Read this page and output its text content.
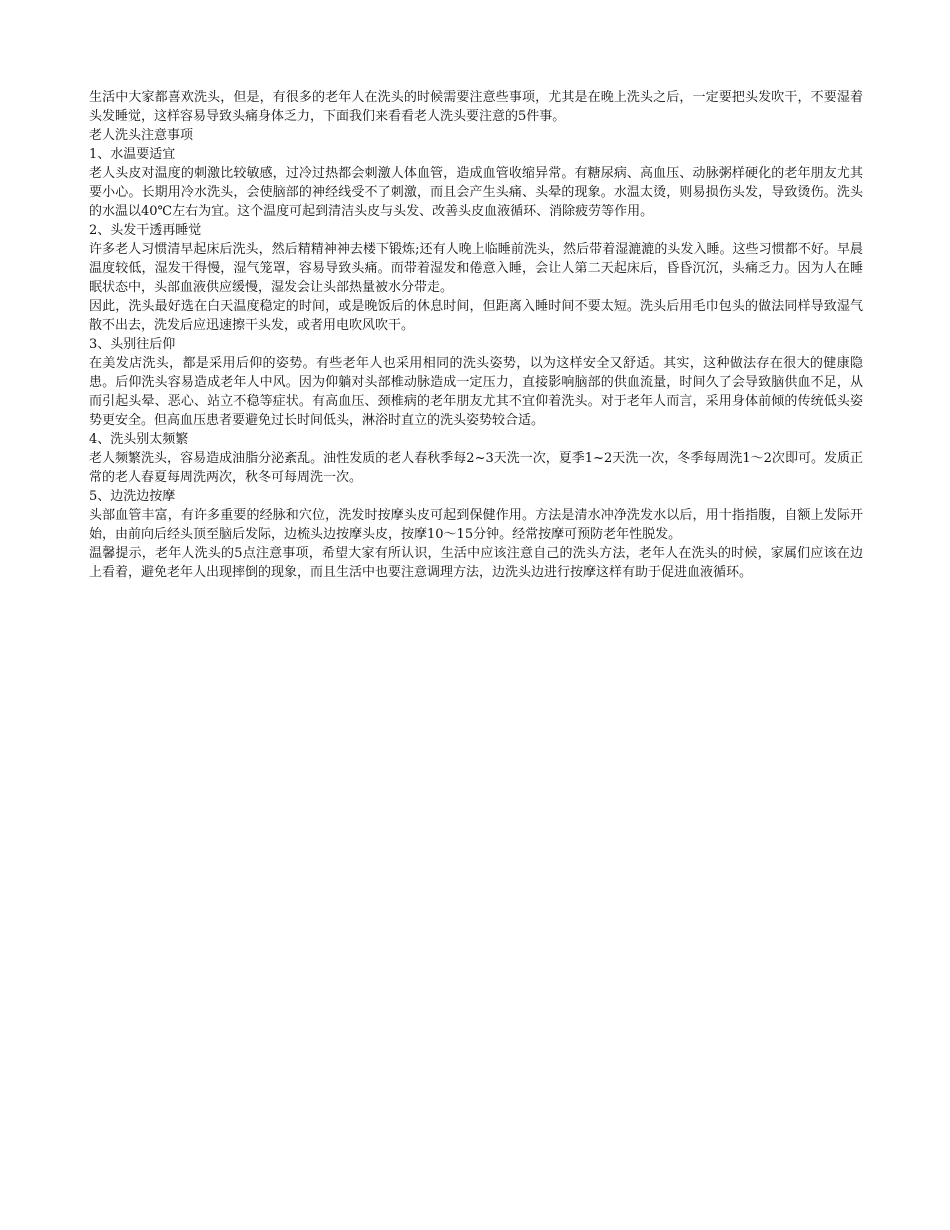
生活中大家都喜欢洗头，但是，有很多的老年人在洗头的时候需要注意些事项，尤其是在晚上洗头之后，一定要把头发吹干，不要湿着头发睡觉，这样容易导致头痛身体乏力，下面我们来看看老人洗头要注意的5件事。

老人洗头注意事项

1、水温要适宜

老人头皮对温度的刺激比较敏感，过冷过热都会刺激人体血管，造成血管收缩异常。有糖尿病、高血压、动脉粥样硬化的老年朋友尤其要小心。长期用冷水洗头，会使脑部的神经线受不了刺激，而且会产生头痛、头晕的现象。水温太烫，则易损伤头发，导致烫伤。洗头的水温以40℃左右为宜。这个温度可起到清洁头皮与头发、改善头皮血液循环、消除疲劳等作用。

2、头发干透再睡觉

许多老人习惯清早起床后洗头，然后精精神神去楼下锻炼;还有人晚上临睡前洗头，然后带着湿漉漉的头发入睡。这些习惯都不好。早晨温度较低，湿发干得慢，湿气笼罩，容易导致头痛。而带着湿发和倦意入睡，会让人第二天起床后，昏昏沉沉，头痛乏力。因为人在睡眠状态中，头部血液供应缓慢，湿发会让头部热量被水分带走。

因此，洗头最好选在白天温度稳定的时间，或是晚饭后的休息时间，但距离入睡时间不要太短。洗头后用毛巾包头的做法同样导致湿气散不出去，洗发后应迅速擦干头发，或者用电吹风吹干。

3、头别往后仰

在美发店洗头，都是采用后仰的姿势。有些老年人也采用相同的洗头姿势，以为这样安全又舒适。其实，这种做法存在很大的健康隐患。后仰洗头容易造成老年人中风。因为仰躺对头部椎动脉造成一定压力，直接影响脑部的供血流量，时间久了会导致脑供血不足，从而引起头晕、恶心、站立不稳等症状。有高血压、颈椎病的老年朋友尤其不宜仰着洗头。对于老年人而言，采用身体前倾的传统低头姿势更安全。但高血压患者要避免过长时间低头，淋浴时直立的洗头姿势较合适。

4、洗头别太频繁

老人频繁洗头，容易造成油脂分泌紊乱。油性发质的老人春秋季每2~3天洗一次，夏季1~2天洗一次，冬季每周洗1～2次即可。发质正常的老人春夏每周洗两次，秋冬可每周洗一次。

5、边洗边按摩

头部血管丰富，有许多重要的经脉和穴位，洗发时按摩头皮可起到保健作用。方法是清水冲净洗发水以后，用十指指腹，自额上发际开始，由前向后经头顶至脑后发际，边梳头边按摩头皮，按摩10～15分钟。经常按摩可预防老年性脱发。

温馨提示，老年人洗头的5点注意事项，希望大家有所认识，生活中应该注意自己的洗头方法，老年人在洗头的时候，家属们应该在边上看着，避免老年人出现摔倒的现象，而且生活中也要注意调理方法，边洗头边进行按摩这样有助于促进血液循环。
